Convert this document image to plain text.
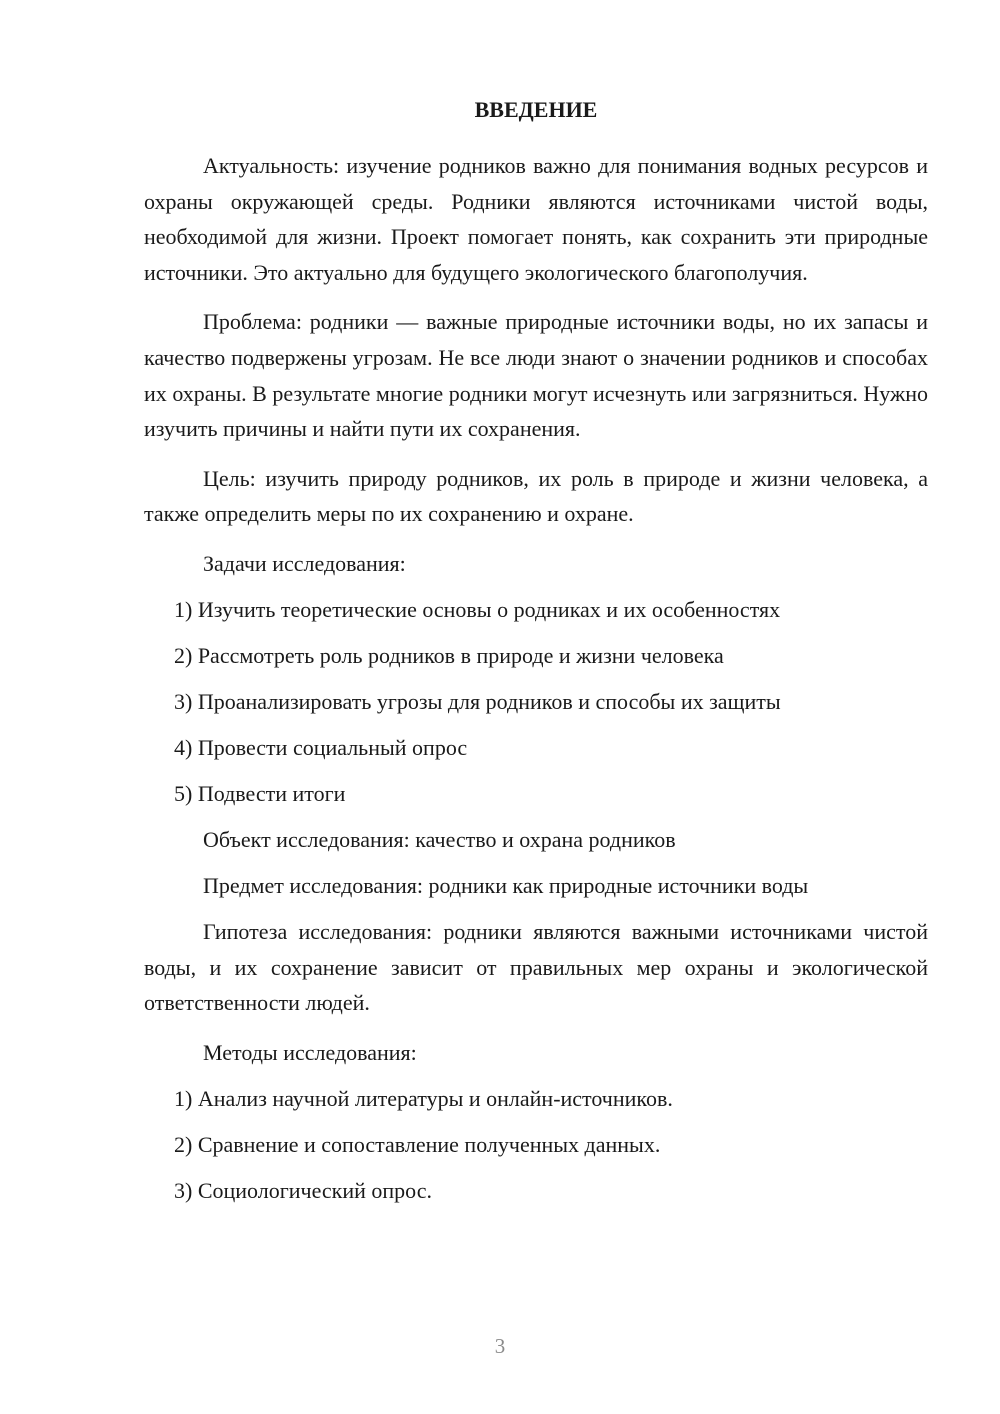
ВВЕДЕНИЕ

Актуальность: изучение родников важно для понимания водных ресурсов и охраны окружающей среды. Родники являются источниками чистой воды, необходимой для жизни. Проект помогает понять, как сохранить эти природные источники. Это актуально для будущего экологического благополучия.

Проблема: родники — важные природные источники воды, но их запасы и качество подвержены угрозам. Не все люди знают о значении родников и способах их охраны. В результате многие родники могут исчезнуть или загрязниться. Нужно изучить причины и найти пути их сохранения.

Цель: изучить природу родников, их роль в природе и жизни человека, а также определить меры по их сохранению и охране.

Задачи исследования:
1) Изучить теоретические основы о родниках и их особенностях
2) Рассмотреть роль родников в природе и жизни человека
3) Проанализировать угрозы для родников и способы их защиты
4) Провести социальный опрос
5) Подвести итоги
Объект исследования: качество и охрана родников
Предмет исследования: родники как природные источники воды

Гипотеза исследования: родники являются важными источниками чистой воды, и их сохранение зависит от правильных мер охраны и экологической ответственности людей.

Методы исследования:
1) Анализ научной литературы и онлайн-источников.
2) Сравнение и сопоставление полученных данных.
3) Социологический опрос.
3
